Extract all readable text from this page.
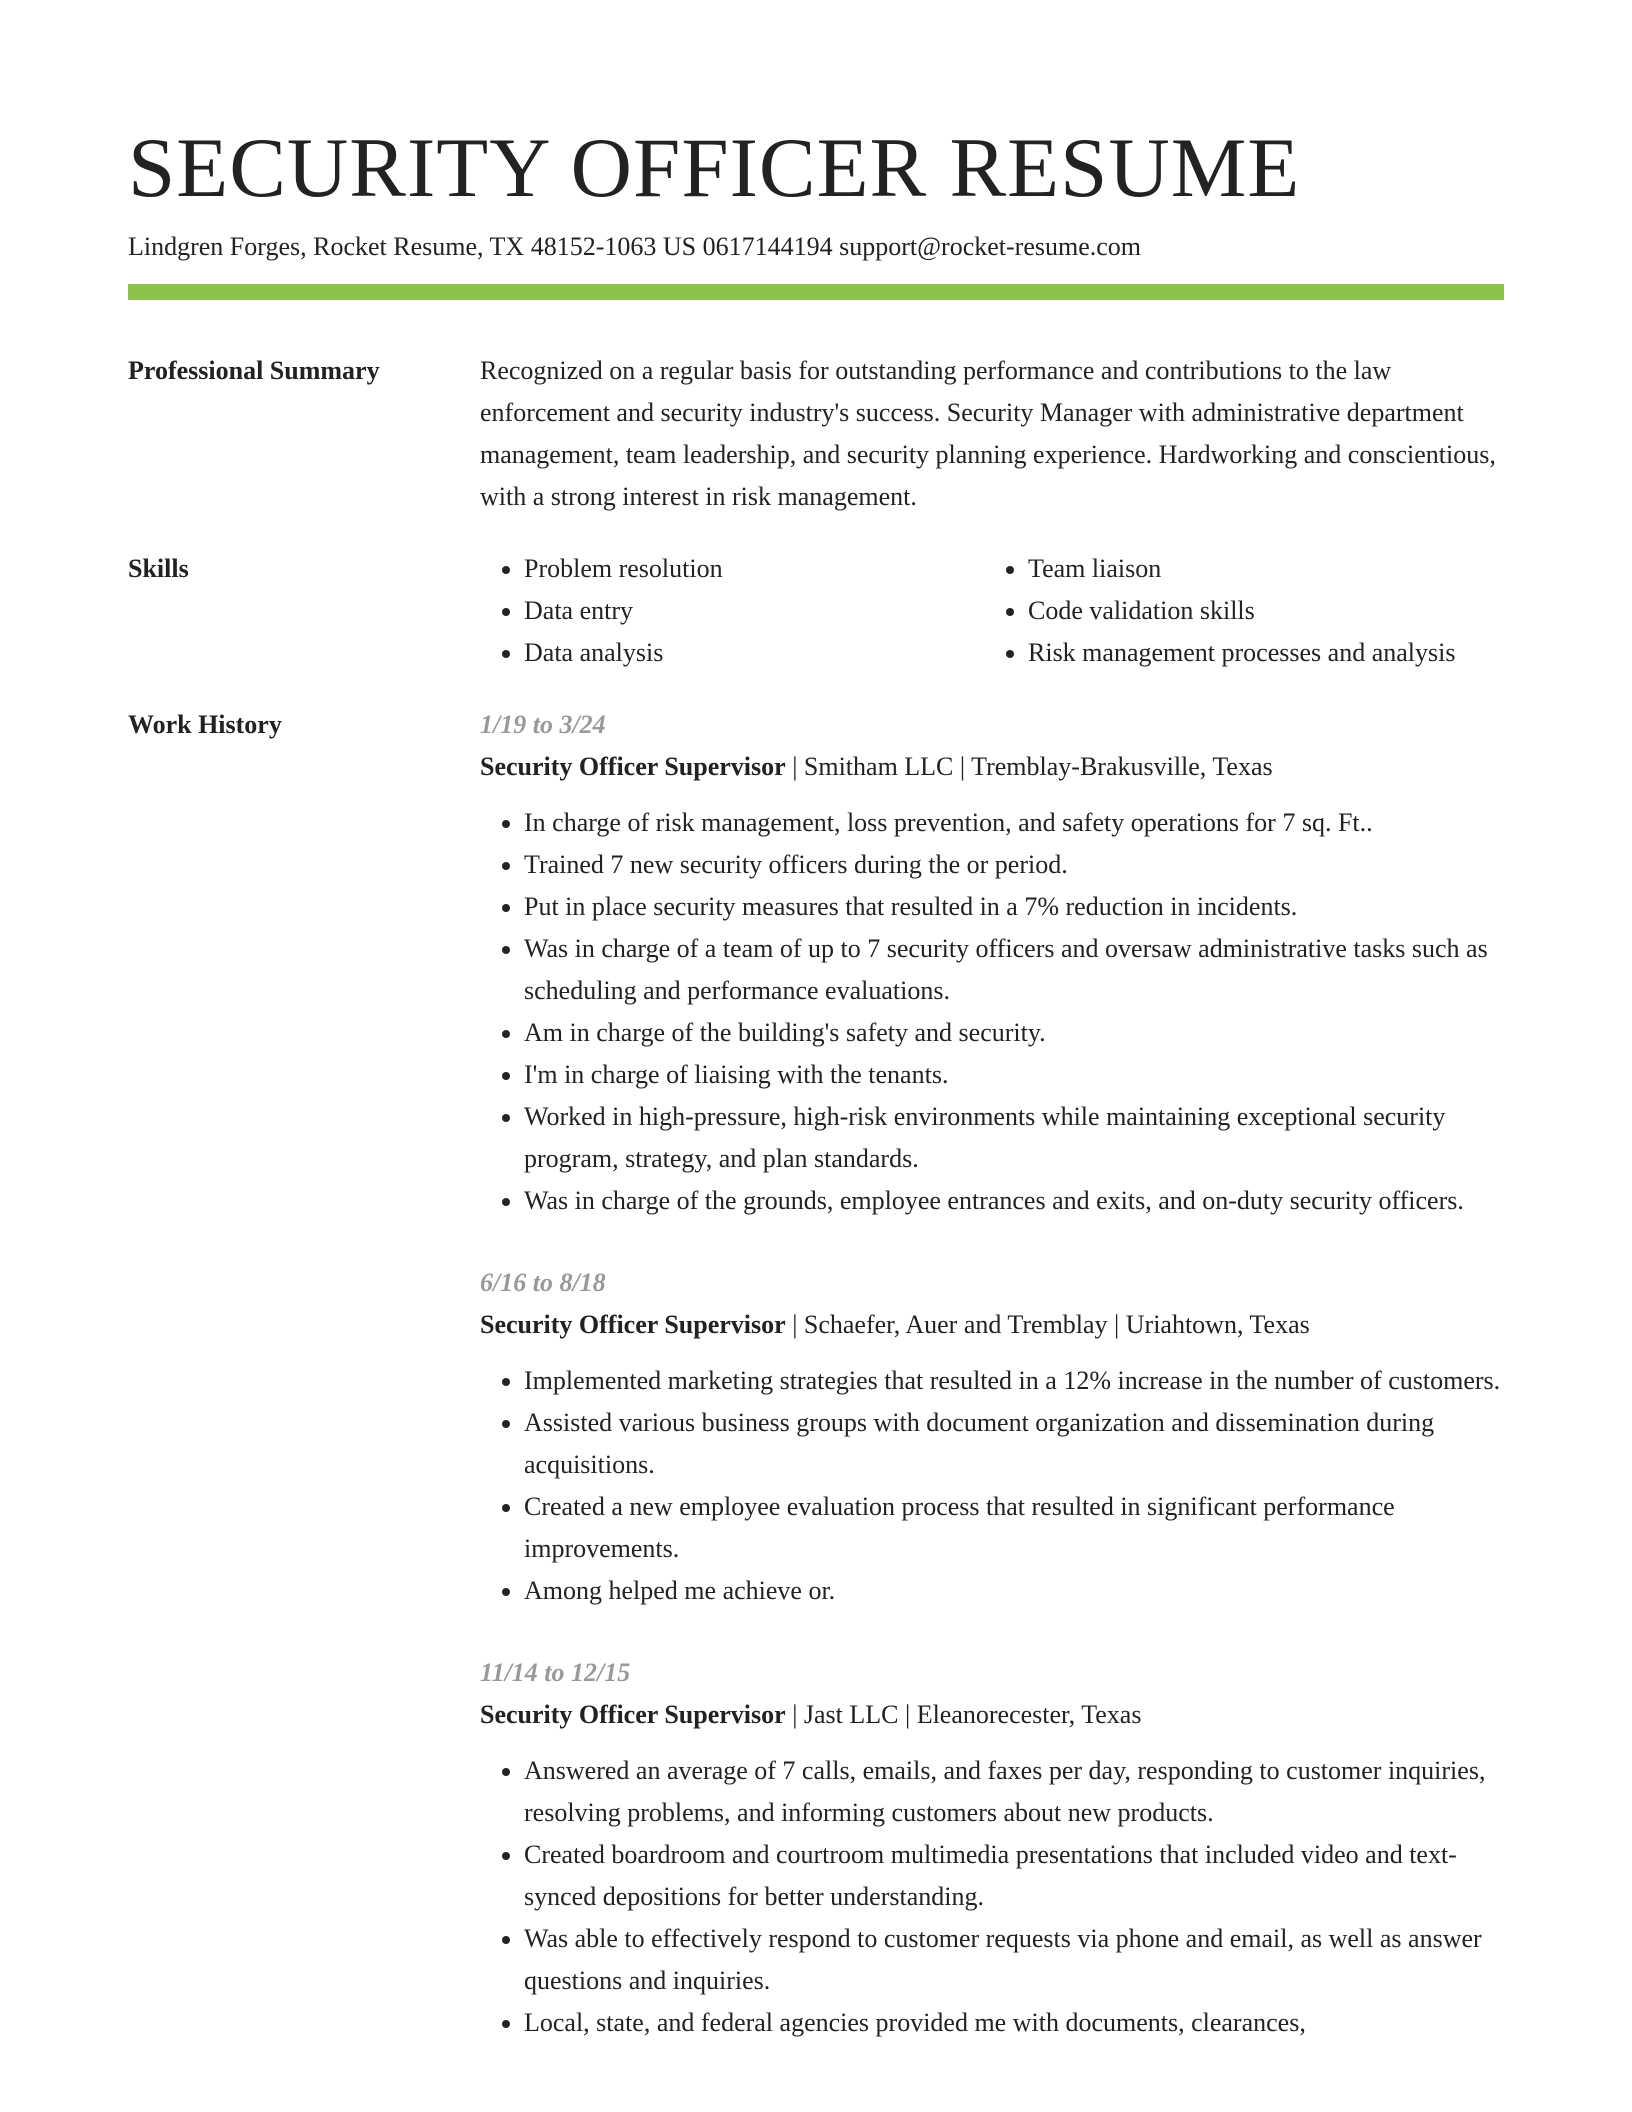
SECURITY OFFICER RESUME
Lindgren Forges, Rocket Resume, TX 48152-1063 US 0617144194 support@rocket-resume.com
Professional Summary	Recognized on a regular basis for outstanding performance and contributions to the law enforcement and security industry's success. Security Manager with administrative department management, team leadership, and security planning experience. Hardworking and conscientious, with a strong interest in risk management.
Skills
•	Problem resolution
• Data entry
• Data analysis
• Team liaison
• Code validation skills
• Risk management processes and analysis
Work History	1/19 to 3/24
Security Officer Supervisor | Smitham LLC | Tremblay-Brakusville, Texas
• In charge of risk management, loss prevention, and safety operations for 7 sq. Ft..
• Trained 7 new security officers during the or period.
• Put in place security measures that resulted in a 7% reduction in incidents.
• Was in charge of a team of up to 7 security officers and oversaw administrative tasks such as scheduling and performance evaluations.
• Am in charge of the building's safety and security.
• I'm in charge of liaising with the tenants.
• Worked in high-pressure, high-risk environments while maintaining exceptional security program, strategy, and plan standards.
• Was in charge of the grounds, employee entrances and exits, and on-duty security officers.
6/16 to 8/18
Security Officer Supervisor | Schaefer, Auer and Tremblay | Uriahtown, Texas
• Implemented marketing strategies that resulted in a 12% increase in the number of customers.
• Assisted various business groups with document organization and dissemination during acquisitions.
• Created a new employee evaluation process that resulted in significant performance improvements.
• Among helped me achieve or.
11/14 to 12/15
Security Officer Supervisor | Jast LLC | Eleanorecester, Texas
• Answered an average of 7 calls, emails, and faxes per day, responding to customer inquiries, resolving problems, and informing customers about new products.
• Created boardroom and courtroom multimedia presentations that included video and text-synced depositions for better understanding.
• Was able to effectively respond to customer requests via phone and email, as well as answer questions and inquiries.
• Local, state, and federal agencies provided me with documents, clearances,
